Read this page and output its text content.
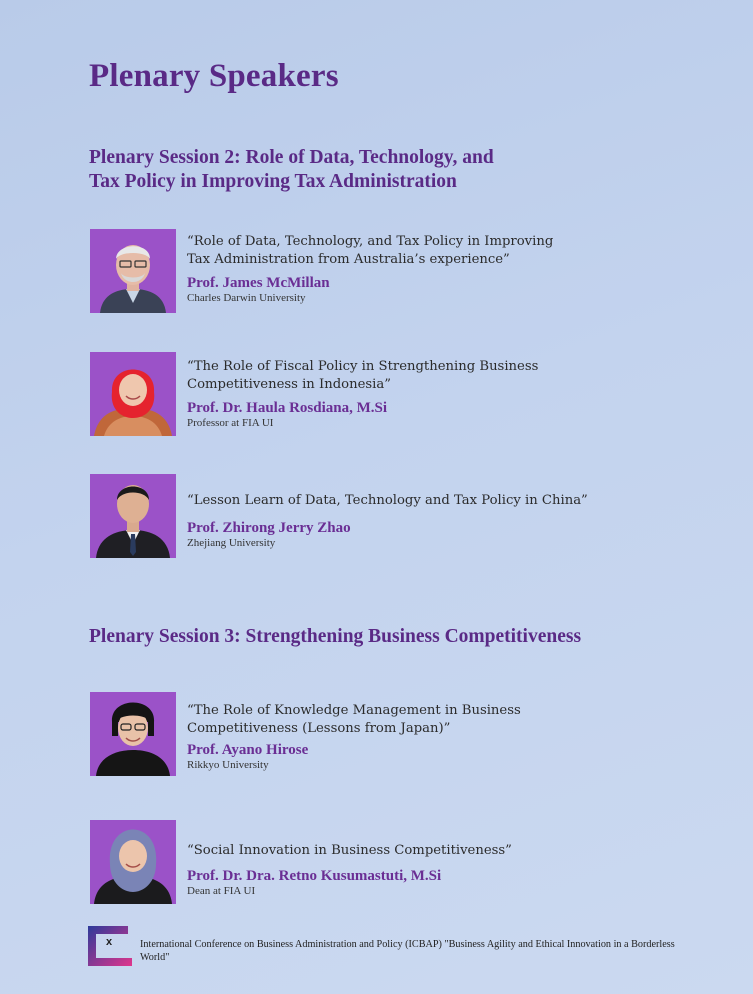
Plenary Speakers
Plenary Session 2: Role of Data, Technology, and
Tax Policy in Improving Tax Administration
“Role of Data, Technology, and Tax Policy in Improving
Tax Administration from Australia’s experience”
Prof. James McMillan
Charles Darwin University
“The Role of Fiscal Policy in Strengthening Business
Competitiveness in Indonesia”
Prof. Dr. Haula Rosdiana, M.Si
Professor at FIA UI
“Lesson Learn of Data, Technology and Tax Policy in China”
Prof. Zhirong Jerry Zhao
Zhejiang University
Plenary Session 3: Strengthening Business Competitiveness
“The Role of Knowledge Management in Business
Competitiveness (Lessons from Japan)”
Prof. Ayano Hirose
Rikkyo University
“Social Innovation in Business Competitiveness”
Prof. Dr. Dra. Retno Kusumastuti, M.Si
Dean at FIA UI
x	International Conference on Business Administration and Policy (ICBAP) "Business Agility and Ethical Innovation in a Borderless World"
